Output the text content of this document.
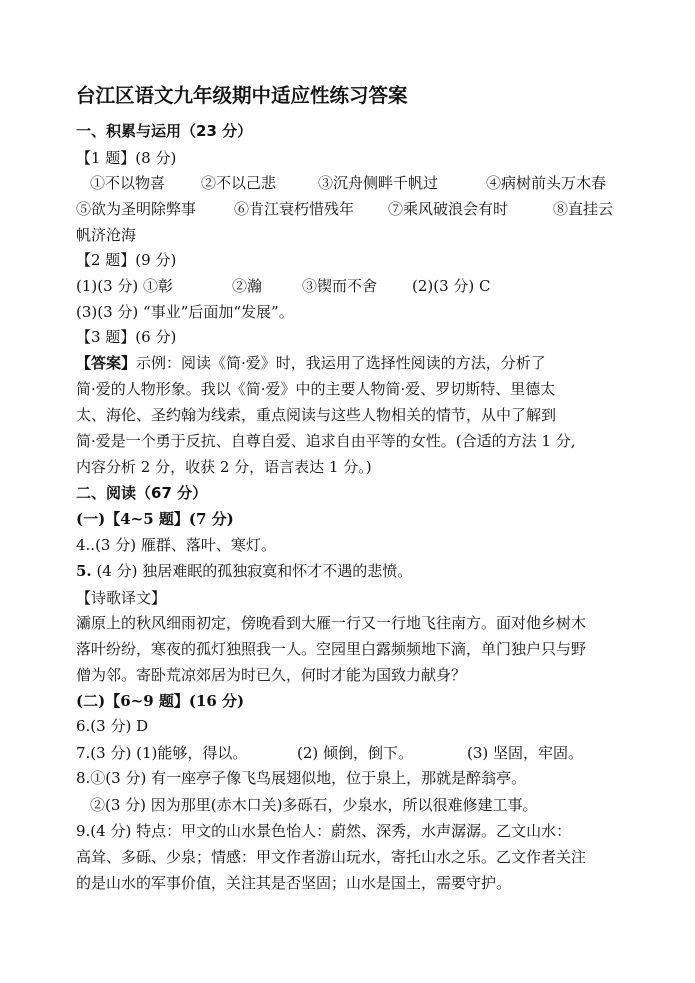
台江区语文九年级期中适应性练习答案
一、积累与运用（23 分）
【1 题】(8 分)
①不以物喜 ②不以己悲	③沉舟侧畔千帆过	④病树前头万木春
⑤欲为圣明除弊事	⑥肯江衰朽惜残年 ⑦乘风破浪会有时	⑧直挂云
帆济沧海
【2 题】(9 分)
(1)(3 分) ①彰	②瀚	③锲而不舍 (2)(3 分) C
(3)(3 分) “事业”后面加“发展”。
【3 题】(6 分)
【答案】示例：阅读《简·爱》时，我运用了选择性阅读的方法，分析了
简·爱的人物形象。我以《简·爱》中的主要人物简·爱、罗切斯特、里德太
太、海伦、圣约翰为线索，重点阅读与这些人物相关的情节，从中了解到
简·爱是一个勇于反抗、自尊自爱、追求自由平等的女性。(合适的方法 1 分,
内容分析 2 分，收获 2 分，语言表达 1 分。)
二、阅读（67 分）
(一)【4~5 题】(7 分)
4..(3 分) 雁群、落叶、寒灯。
5. (4 分) 独居难眠的孤独寂寞和怀才不遇的悲愤。
【诗歌译文】
灞原上的秋风细雨初定，傍晚看到大雁一行又一行地飞往南方。面对他乡树木
落叶纷纷，寒夜的孤灯独照我一人。空园里白露频频地下滴，单门独户只与野
僧为邻。寄卧荒凉郊居为时已久，何时才能为国致力献身？
(二)【6~9 题】(16 分)
6.(3 分) D
7.(3 分) (1)能够，得以。	(2) 倾倒，倒下。	(3) 坚固，牢固。
8.①(3 分) 有一座亭子像飞鸟展翅似地，位于泉上，那就是醉翁亭。
②(3 分) 因为那里(赤木口关)多砾石，少泉水，所以很难修建工事。
9.(4 分) 特点：甲文的山水景色怡人：蔚然、深秀，水声潺潺。乙文山水：
高耸、多砾、少泉；情感：甲文作者游山玩水，寄托山水之乐。乙文作者关注
的是山水的军事价值，关注其是否坚固；山水是国土，需要守护。
